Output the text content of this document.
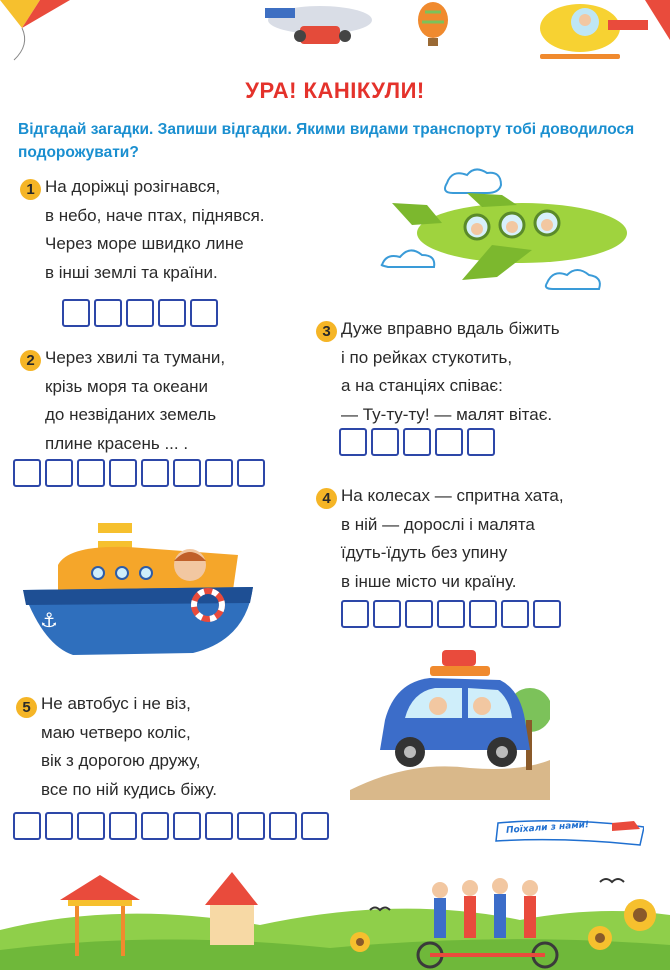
УРА! КАНІКУЛИ!
Відгадай загадки. Запиши відгадки. Якими видами транспорту тобі доводилося подорожувати?
1 На доріжці розігнався,
в небо, наче птах, піднявся.
Через море швидко лине
в інші землі та країни.
2 Через хвилі та тумани,
крізь моря та океани
до незвіданих земель
плине красень ... .
⚓
3 Дуже вправно вдаль біжить
і по рейках стукотить,
а на станціях співає:
— Ту-ту-ту! — малят вітає.
4 На колесах — спритна хата,
в ній — дорослі і малята
їдуть-їдуть без упину
в інше місто чи країну.
5 Не автобус і не віз,
маю четверо коліс,
вік з дорогою дружу,
все по ній кудись біжу.
Поїхали з нами!
